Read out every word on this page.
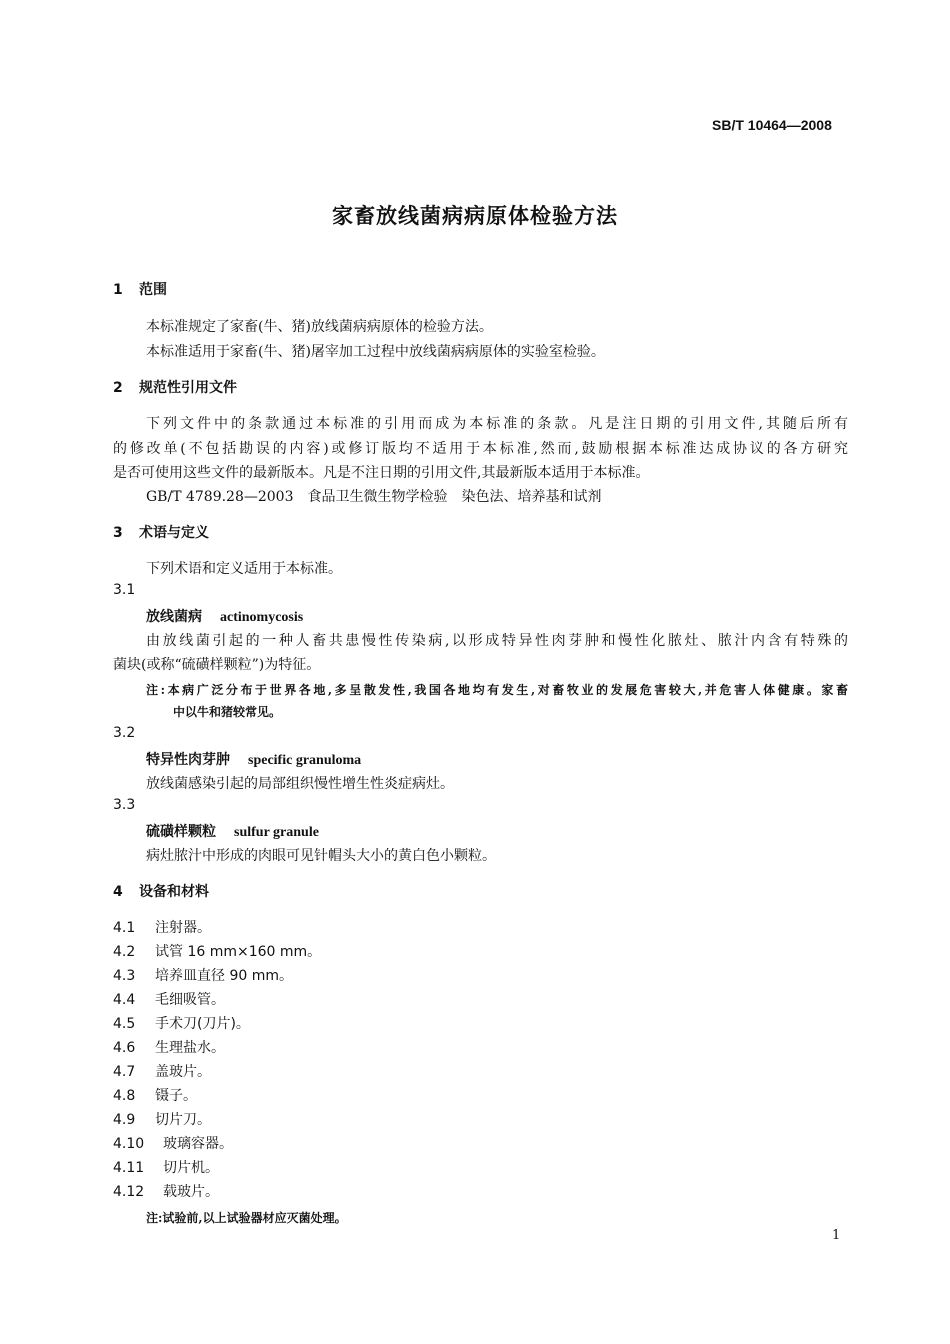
SB/T 10464—2008
家畜放线菌病病原体检验方法
1 范围
本标准规定了家畜(牛、猪)放线菌病病原体的检验方法。
本标准适用于家畜(牛、猪)屠宰加工过程中放线菌病病原体的实验室检验。
2 规范性引用文件
下列文件中的条款通过本标准的引用而成为本标准的条款。凡是注日期的引用文件,其随后所有
的修改单(不包括勘误的内容)或修订版均不适用于本标准,然而,鼓励根据本标准达成协议的各方研究
是否可使用这些文件的最新版本。凡是不注日期的引用文件,其最新版本适用于本标准。
GB/T 4789.28—2003　食品卫生微生物学检验　染色法、培养基和试剂
3 术语与定义
下列术语和定义适用于本标准。
3.1
放线菌病 actinomycosis
由放线菌引起的一种人畜共患慢性传染病,以形成特异性肉芽肿和慢性化脓灶、脓汁内含有特殊的
菌块(或称“硫磺样颗粒”)为特征。
注:本病广泛分布于世界各地,多呈散发性,我国各地均有发生,对畜牧业的发展危害较大,并危害人体健康。家畜
中以牛和猪较常见。
3.2
特异性肉芽肿 specific granuloma
放线菌感染引起的局部组织慢性增生性炎症病灶。
3.3
硫磺样颗粒 sulfur granule
病灶脓汁中形成的肉眼可见针帽头大小的黄白色小颗粒。
4 设备和材料
4.1 注射器。
4.2 试管 16 mm×160 mm。
4.3 培养皿直径 90 mm。
4.4 毛细吸管。
4.5 手术刀(刀片)。
4.6 生理盐水。
4.7 盖玻片。
4.8 镊子。
4.9 切片刀。
4.10 玻璃容器。
4.11 切片机。
4.12 载玻片。
注:试验前,以上试验器材应灭菌处理。
1
